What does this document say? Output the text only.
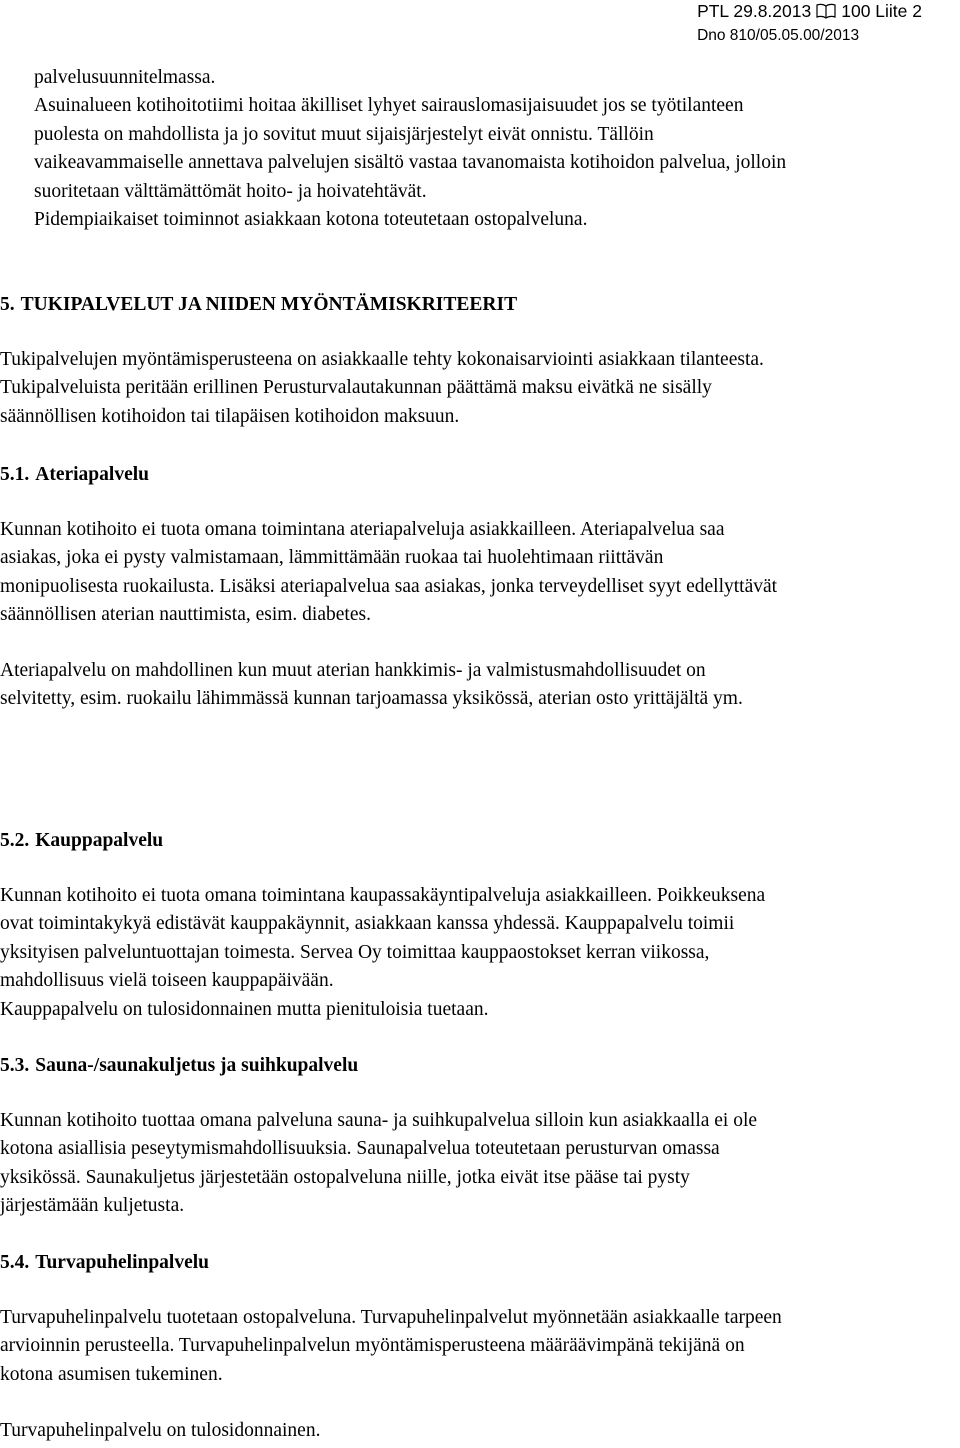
PTL 29.8.2013 100 Liite 2
Dno 810/05.05.00/2013
palvelusuunnitelmassa.
Asuinalueen kotihoitotiimi hoitaa äkilliset lyhyet sairauslomasijaisuudet jos se työtilanteen
puolesta on mahdollista ja jo sovitut muut sijaisjärjestelyt eivät onnistu. Tällöin
vaikeavammaiselle annettava palvelujen sisältö vastaa tavanomaista kotihoidon palvelua, jolloin
suoritetaan välttämättömät hoito- ja hoivatehtävät.
Pidempiaikaiset toiminnot asiakkaan kotona toteutetaan ostopalveluna.
5. TUKIPALVELUT JA NIIDEN MYÖNTÄMISKRITEERIT
Tukipalvelujen myöntämisperusteena on asiakkaalle tehty kokonaisarviointi asiakkaan tilanteesta.
Tukipalveluista peritään erillinen Perusturvalautakunnan päättämä maksu eivätkä ne sisälly
säännöllisen kotihoidon tai tilapäisen kotihoidon maksuun.
5.1. Ateriapalvelu
Kunnan kotihoito ei tuota omana toimintana ateriapalveluja asiakkailleen. Ateriapalvelua saa
asiakas, joka ei pysty valmistamaan, lämmittämään ruokaa tai huolehtimaan riittävän
monipuolisesta ruokailusta. Lisäksi ateriapalvelua saa asiakas, jonka terveydelliset syyt edellyttävät
säännöllisen aterian nauttimista, esim. diabetes.
Ateriapalvelu on mahdollinen kun muut aterian hankkimis- ja valmistusmahdollisuudet on
selvitetty, esim. ruokailu lähimmässä kunnan tarjoamassa yksikössä, aterian osto yrittäjältä ym.
5.2. Kauppapalvelu
Kunnan kotihoito ei tuota omana toimintana kaupassakäyntipalveluja asiakkailleen. Poikkeuksena
ovat toimintakykyä edistävät kauppakäynnit, asiakkaan kanssa yhdessä. Kauppapalvelu toimii
yksityisen palveluntuottajan toimesta. Servea Oy toimittaa kauppaostokset kerran viikossa,
mahdollisuus vielä toiseen kauppapäivään.
Kauppapalvelu on tulosidonnainen mutta pienituloisia tuetaan.
5.3. Sauna-/saunakuljetus ja suihkupalvelu
Kunnan kotihoito tuottaa omana palveluna sauna- ja suihkupalvelua silloin kun asiakkaalla ei ole
kotona asiallisia peseytymismahdollisuuksia. Saunapalvelua toteutetaan perusturvan omassa
yksikössä. Saunakuljetus järjestetään ostopalveluna niille, jotka eivät itse pääse tai pysty
järjestämään kuljetusta.
5.4. Turvapuhelinpalvelu
Turvapuhelinpalvelu tuotetaan ostopalveluna. Turvapuhelinpalvelut myönnetään asiakkaalle tarpeen
arvioinnin perusteella. Turvapuhelinpalvelun myöntämisperusteena määräävimpänä tekijänä on
kotona asumisen tukeminen.
Turvapuhelinpalvelu on tulosidonnainen.
